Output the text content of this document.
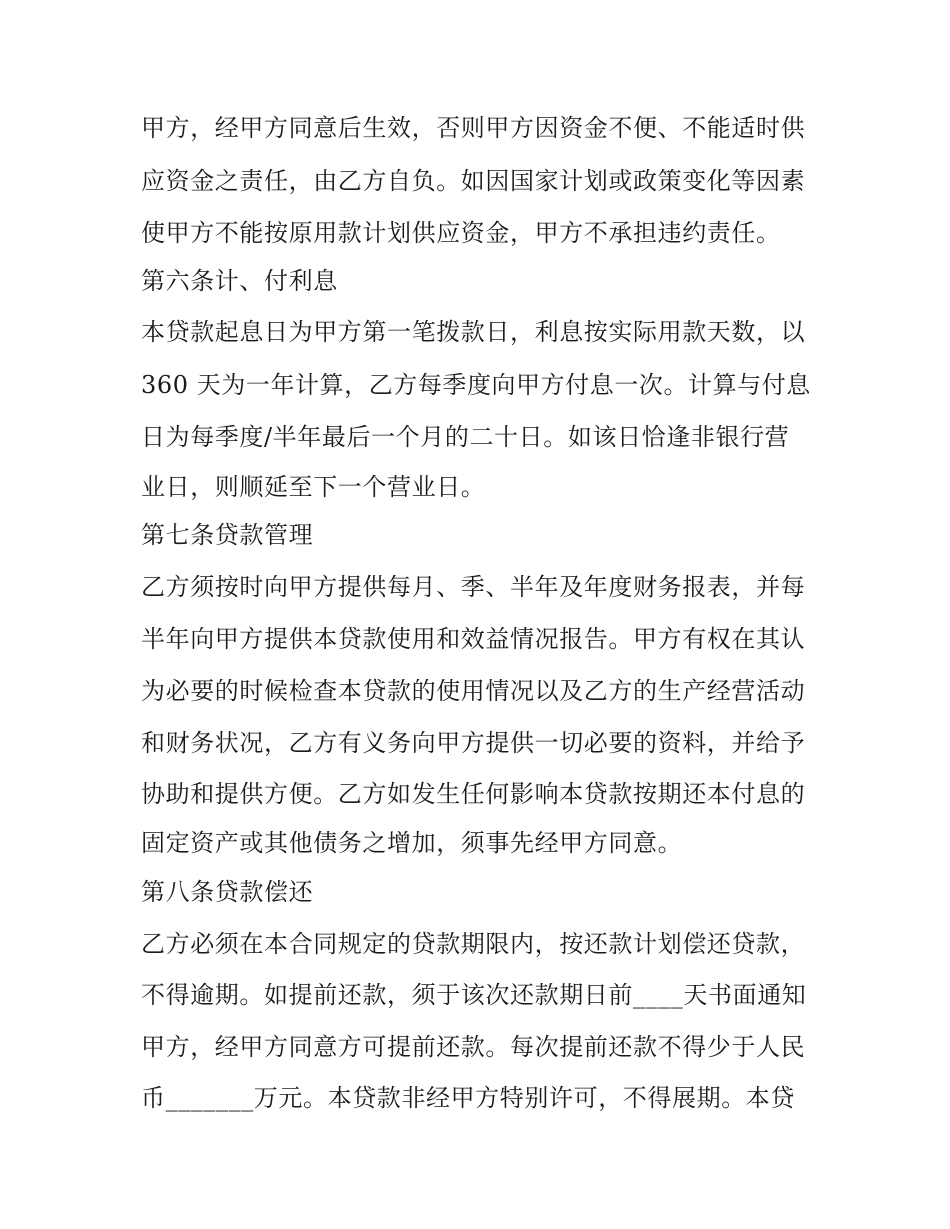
甲方，经甲方同意后生效，否则甲方因资金不便、不能适时供
应资金之责任，由乙方自负。如因国家计划或政策变化等因素
使甲方不能按原用款计划供应资金，甲方不承担违约责任。
第六条计、付利息
本贷款起息日为甲方第一笔拨款日，利息按实际用款天数，以
360 天为一年计算，乙方每季度向甲方付息一次。计算与付息
日为每季度/半年最后一个月的二十日。如该日恰逢非银行营
业日，则顺延至下一个营业日。
第七条贷款管理
乙方须按时向甲方提供每月、季、半年及年度财务报表，并每
半年向甲方提供本贷款使用和效益情况报告。甲方有权在其认
为必要的时候检查本贷款的使用情况以及乙方的生产经营活动
和财务状况，乙方有义务向甲方提供一切必要的资料，并给予
协助和提供方便。乙方如发生任何影响本贷款按期还本付息的
固定资产或其他债务之增加，须事先经甲方同意。
第八条贷款偿还
乙方必须在本合同规定的贷款期限内，按还款计划偿还贷款，
不得逾期。如提前还款，须于该次还款期日前____天书面通知
甲方，经甲方同意方可提前还款。每次提前还款不得少于人民
币_______万元。本贷款非经甲方特别许可，不得展期。本贷
